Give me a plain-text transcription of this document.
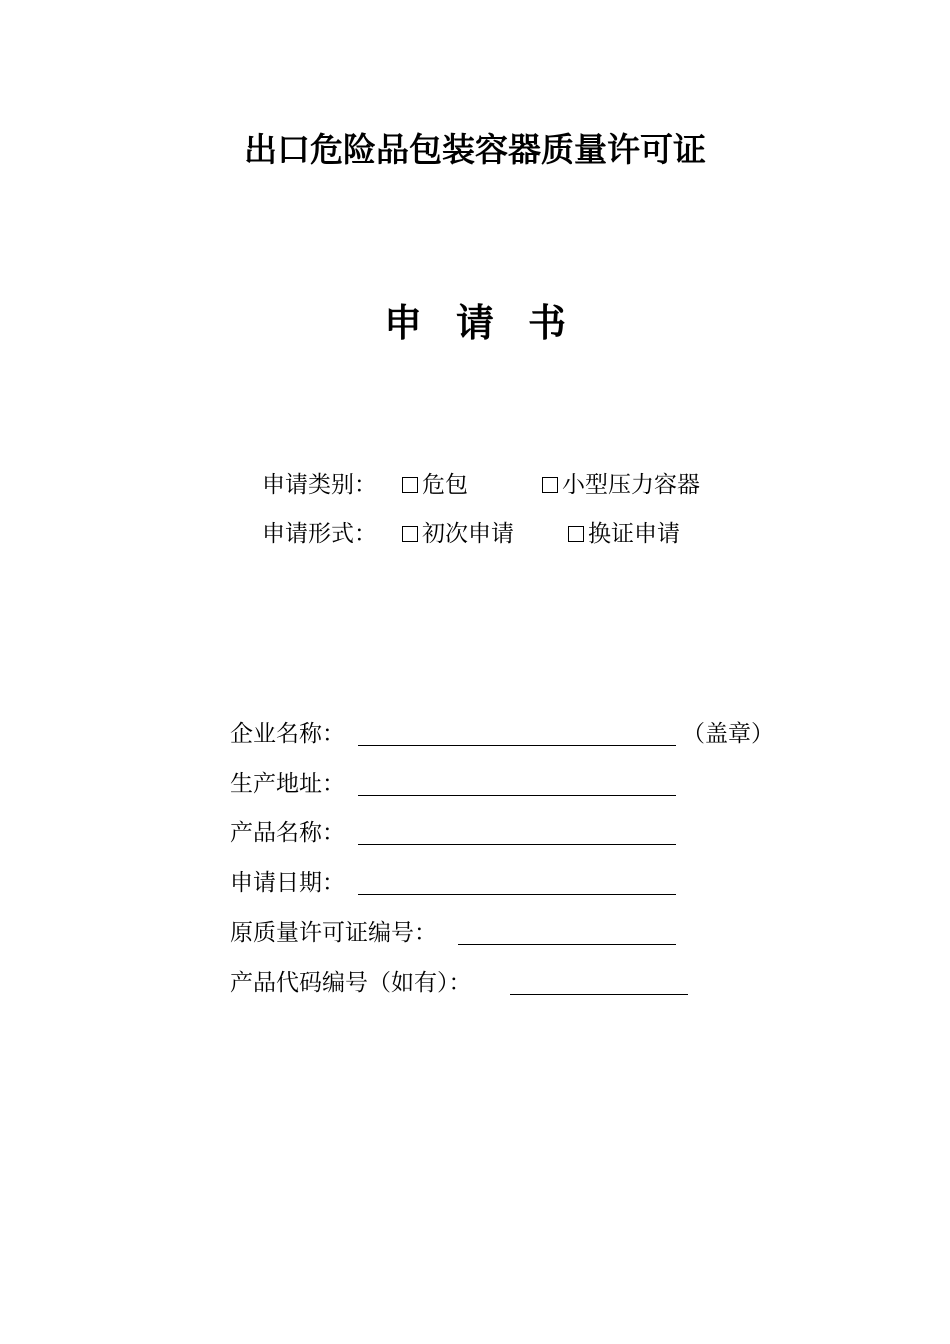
出口危险品包装容器质量许可证
申 请 书
申请类别：	危包	小型压力容器
申请形式：	初次申请	换证申请
企业名称：	（盖章）
生产地址：
产品名称：
申请日期：
原质量许可证编号：
产品代码编号（如有）：
